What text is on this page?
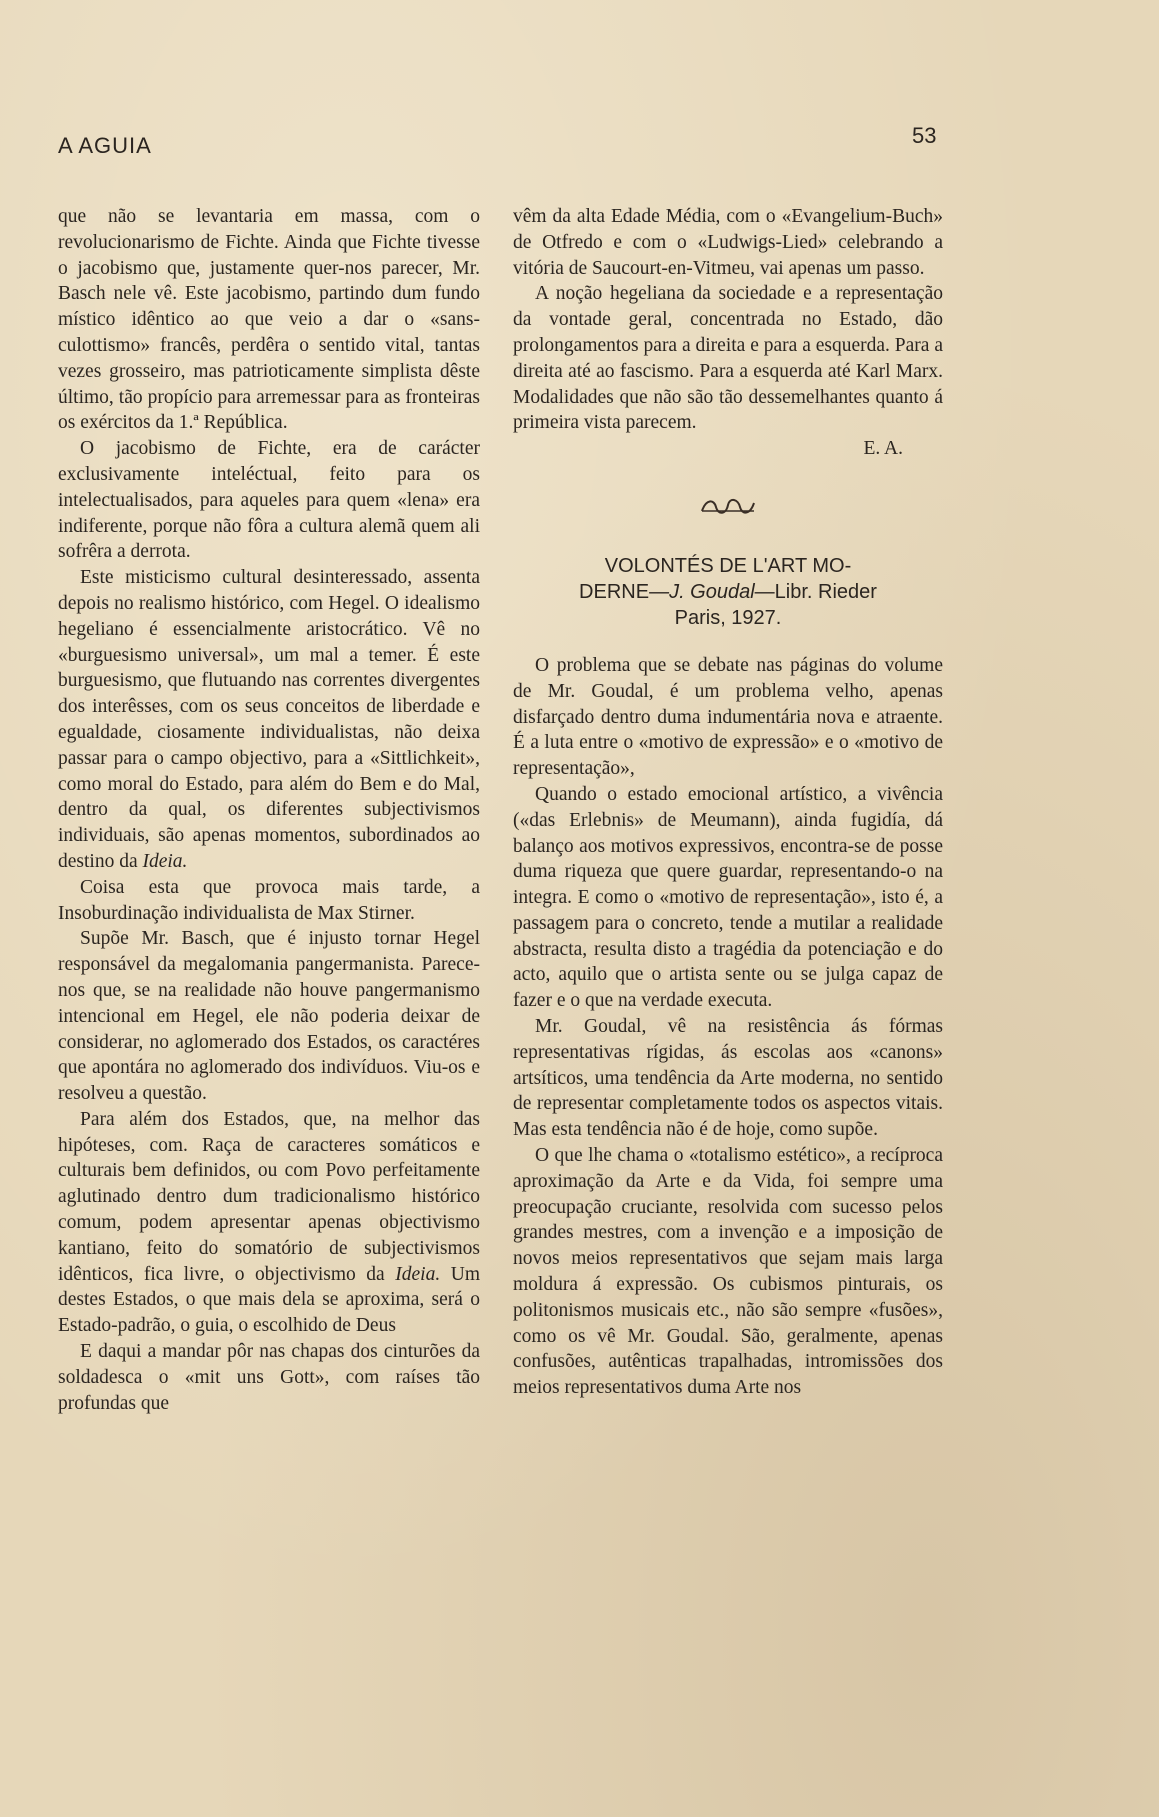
A AGUIA	53

que não se levantaria em massa, com o revolucionarismo de Fichte. Ainda que Fichte tivesse o jacobismo que, justamente quer-nos parecer, Mr. Basch nele vê. Este jacobismo, partindo dum fundo místico idêntico ao que veio a dar o «sans-culottismo» francês, perdêra o sentido vital, tantas vezes grosseiro, mas patrioticamente simplista dêste último, tão propício para arremessar para as fronteiras os exércitos da 1.ª República.

O jacobismo de Fichte, era de carácter exclusivamente inteléctual, feito para os intelectualisados, para aqueles para quem «lena» era indiferente, porque não fôra a cultura alemã quem ali sofrêra a derrota.

Este misticismo cultural desinteressado, assenta depois no realismo histórico, com Hegel. O idealismo hegeliano é essencialmente aristocrático. Vê no «burguesismo universal», um mal a temer. É este burguesismo, que flutuando nas correntes divergentes dos interêsses, com os seus conceitos de liberdade e egualdade, ciosamente individualistas, não deixa passar para o campo objectivo, para a «Sittlichkeit», como moral do Estado, para além do Bem e do Mal, dentro da qual, os diferentes subjectivismos individuais, são apenas momentos, subordinados ao destino da Ideia.

Coisa esta que provoca mais tarde, a Insoburdinação individualista de Max Stirner.

Supõe Mr. Basch, que é injusto tornar Hegel responsável da megalomania pangermanista. Parece-nos que, se na realidade não houve pangermanismo intencional em Hegel, ele não poderia deixar de considerar, no aglomerado dos Estados, os caractéres que apontára no aglomerado dos indivíduos. Viu-os e resolveu a questão.

Para além dos Estados, que, na melhor das hipóteses, com. Raça de caracteres somáticos e culturais bem definidos, ou com Povo perfeitamente aglutinado dentro dum tradicionalismo histórico comum, podem apresentar apenas objectivismo kantiano, feito do somatório de subjectivismos idênticos, fica livre, o objectivismo da Ideia. Um destes Estados, o que mais dela se aproxima, será o Estado-padrão, o guia, o escolhido de Deus

E daqui a mandar pôr nas chapas dos cinturões da soldadesca o «mit uns Gott», com raíses tão profundas que

vêm da alta Edade Média, com o «Evangelium-Buch» de Otfredo e com o «Ludwigs-Lied» celebrando a vitória de Saucourt-en-Vitmeu, vai apenas um passo.

A noção hegeliana da sociedade e a representação da vontade geral, concentrada no Estado, dão prolongamentos para a direita e para a esquerda. Para a direita até ao fascismo. Para a esquerda até Karl Marx. Modalidades que não são tão dessemelhantes quanto á primeira vista parecem.

E. A.

VOLONTÉS DE L'ART MO-
DERNE—J. Goudal—Libr. Rieder
Paris, 1927.

O problema que se debate nas páginas do volume de Mr. Goudal, é um problema velho, apenas disfarçado dentro duma indumentária nova e atraente. É a luta entre o «motivo de expressão» e o «motivo de representação»,

Quando o estado emocional artístico, a vivência («das Erlebnis» de Meumann), ainda fugidía, dá balanço aos motivos expressivos, encontra-se de posse duma riqueza que quere guardar, representando-o na integra. E como o «motivo de representação», isto é, a passagem para o concreto, tende a mutilar a realidade abstracta, resulta disto a tragédia da potenciação e do acto, aquilo que o artista sente ou se julga capaz de fazer e o que na verdade executa.

Mr. Goudal, vê na resistência ás fórmas representativas rígidas, ás escolas aos «canons» artsíticos, uma tendência da Arte moderna, no sentido de representar completamente todos os aspectos vitais. Mas esta tendência não é de hoje, como supõe.

O que lhe chama o «totalismo estético», a recíproca aproximação da Arte e da Vida, foi sempre uma preocupação cruciante, resolvida com sucesso pelos grandes mestres, com a invenção e a imposição de novos meios representativos que sejam mais larga moldura á expressão. Os cubismos pinturais, os politonismos musicais etc., não são sempre «fusões», como os vê Mr. Goudal. São, geralmente, apenas confusões, autênticas trapalhadas, intromissões dos meios representativos duma Arte nos
